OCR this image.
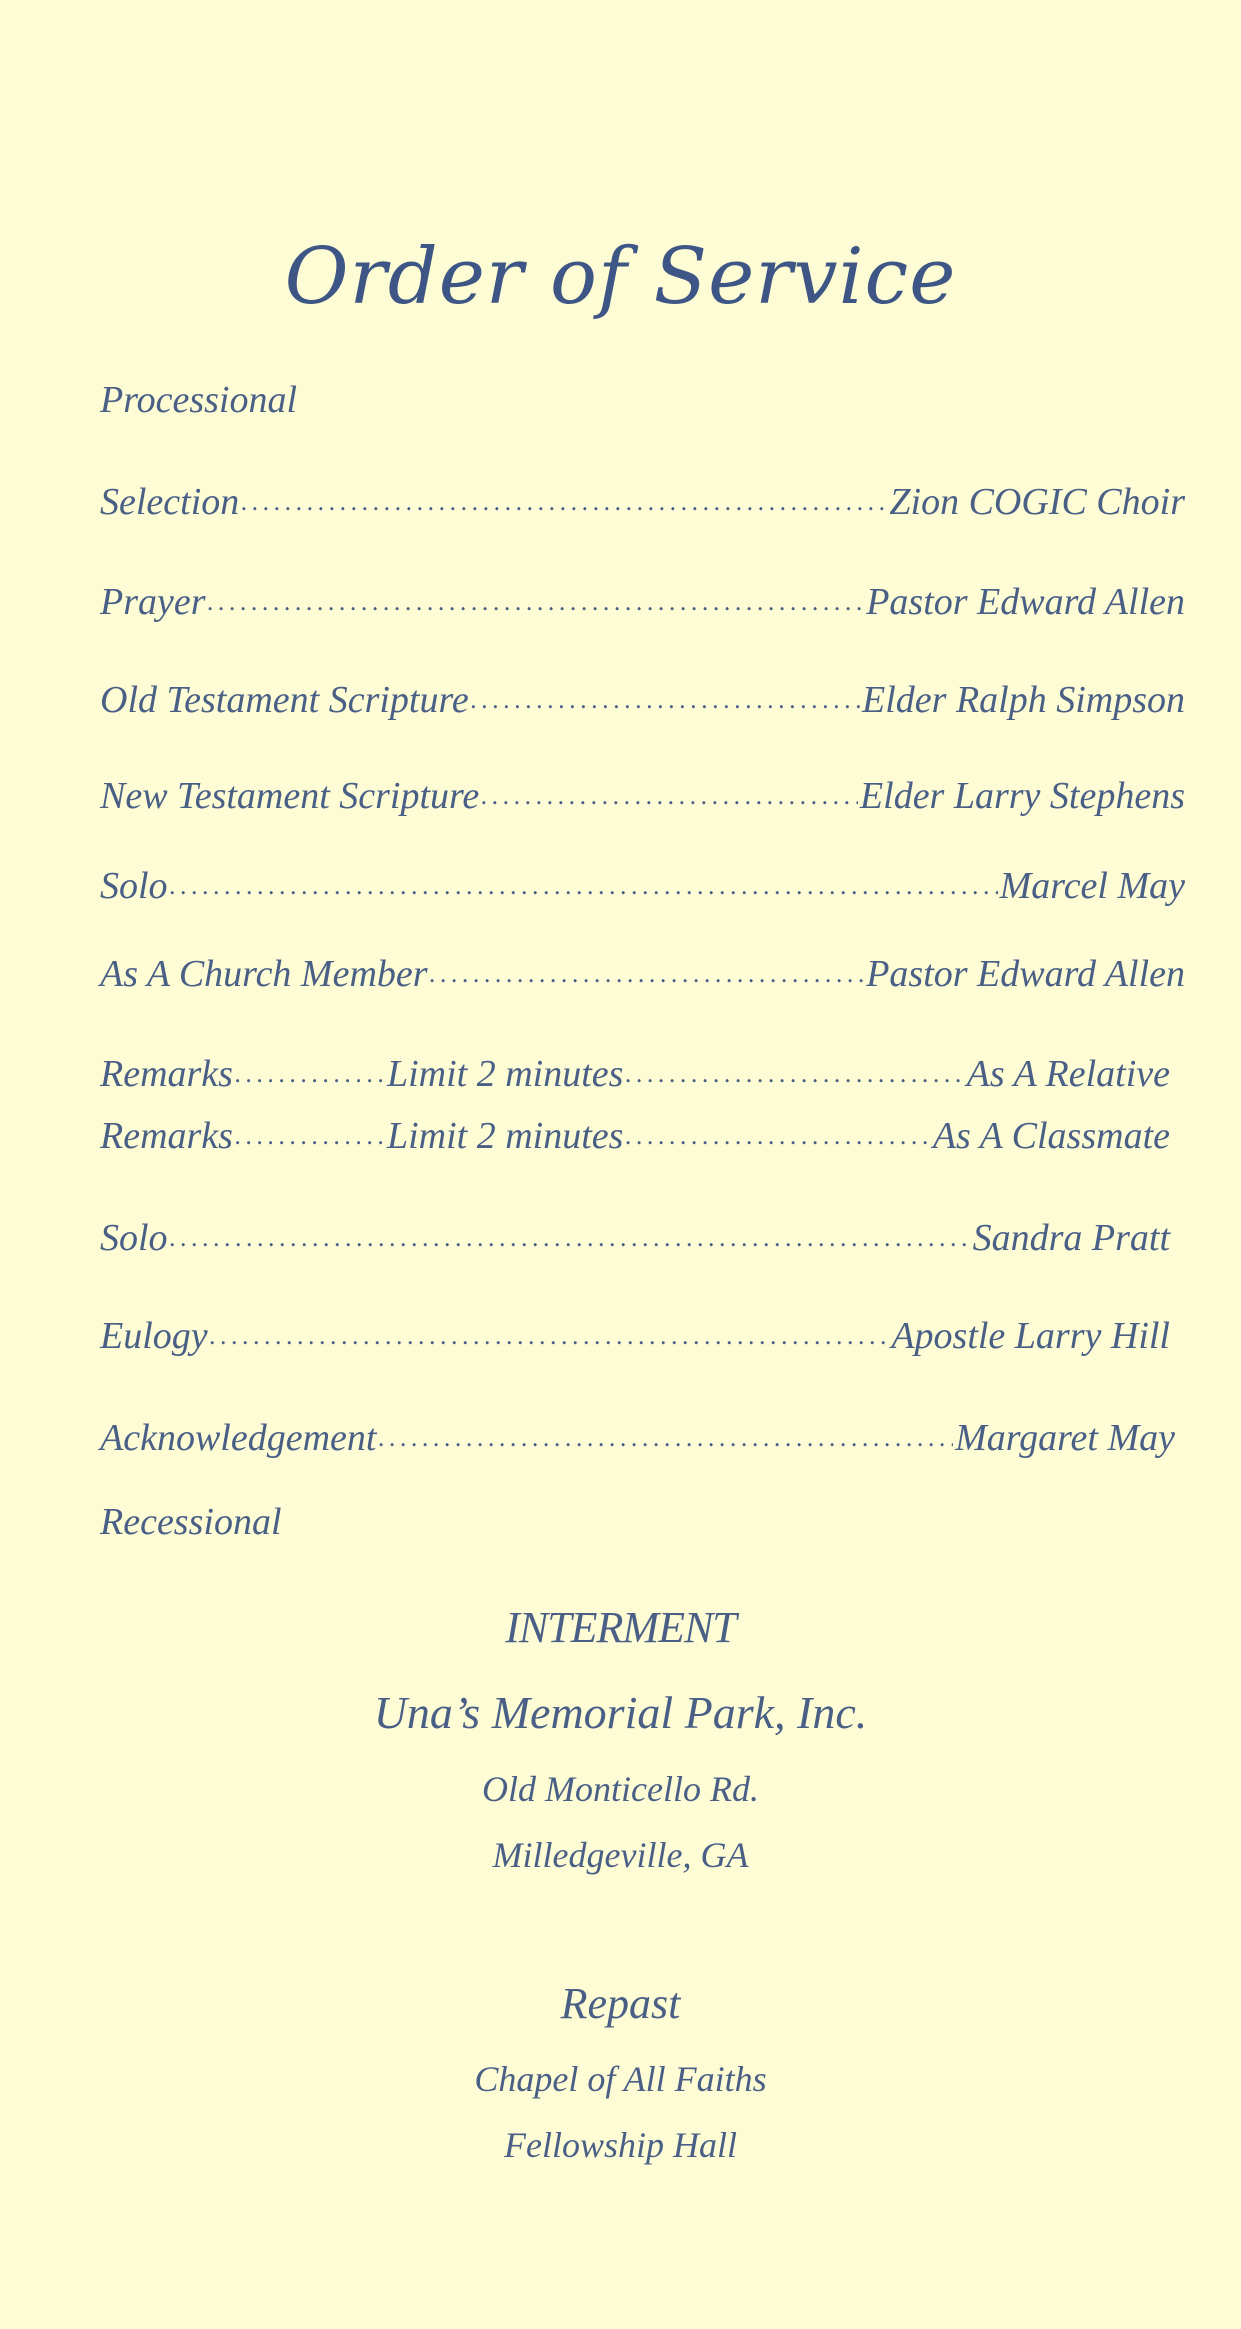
Order of Service
Processional
Selection . . .	Zion COGIC Choir
Prayer . . .	Pastor Edward Allen
Old Testament Scripture . . .	Elder Ralph Simpson
New Testament Scripture . . .	Elder Larry Stephens
Solo . . .	Marcel May
As A Church Member . . .	Pastor Edward Allen
Remarks . . .	Limit 2 minutes . . .	As A Relative
Remarks . . .	Limit 2 minutes . . .	As A Classmate
Solo . . .	Sandra Pratt
Eulogy . . .	Apostle Larry Hill
Acknowledgement . . .	Margaret May
Recessional
INTERMENT
Una’s Memorial Park, Inc.
Old Monticello Rd.
Milledgeville, GA
Repast
Chapel of All Faiths
Fellowship Hall
